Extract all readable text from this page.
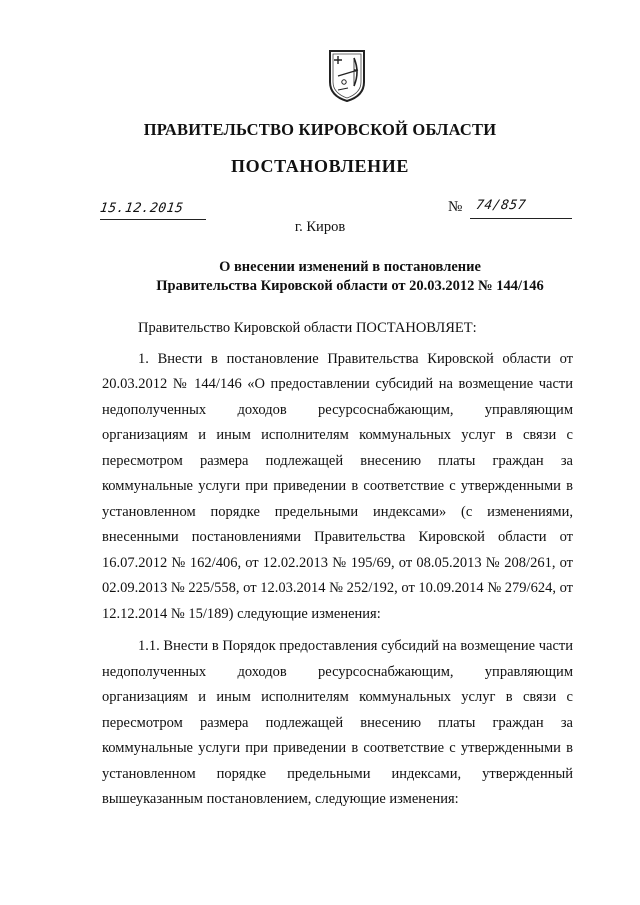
ПРАВИТЕЛЬСТВО КИРОВСКОЙ ОБЛАСТИ
ПОСТАНОВЛЕНИЕ
15.12.2015	№ 74/857
г. Киров
О внесении изменений в постановление
Правительства Кировской области от 20.03.2012 № 144/146

Правительство Кировской области ПОСТАНОВЛЯЕТ:

1. Внести в постановление Правительства Кировской области от 20.03.2012 № 144/146 «О предоставлении субсидий на возмещение части недополученных доходов ресурсоснабжающим, управляющим организациям и иным исполнителям коммунальных услуг в связи с пересмотром размера подлежащей внесению платы граждан за коммунальные услуги при приведении в соответствие с утвержденными в установленном порядке предельными индексами» (с изменениями, внесенными постановлениями Правительства Кировской области от 16.07.2012 № 162/406, от 12.02.2013 № 195/69, от 08.05.2013 № 208/261, от 02.09.2013 № 225/558, от 12.03.2014 № 252/192, от 10.09.2014 № 279/624, от 12.12.2014 № 15/189) следующие изменения:

1.1. Внести в Порядок предоставления субсидий на возмещение части недополученных доходов ресурсоснабжающим, управляющим организациям и иным исполнителям коммунальных услуг в связи с пересмотром размера подлежащей внесению платы граждан за коммунальные услуги при приведении в соответствие с утвержденными в установленном порядке предельными индексами, утвержденный вышеуказанным постановлением, следующие изменения:
